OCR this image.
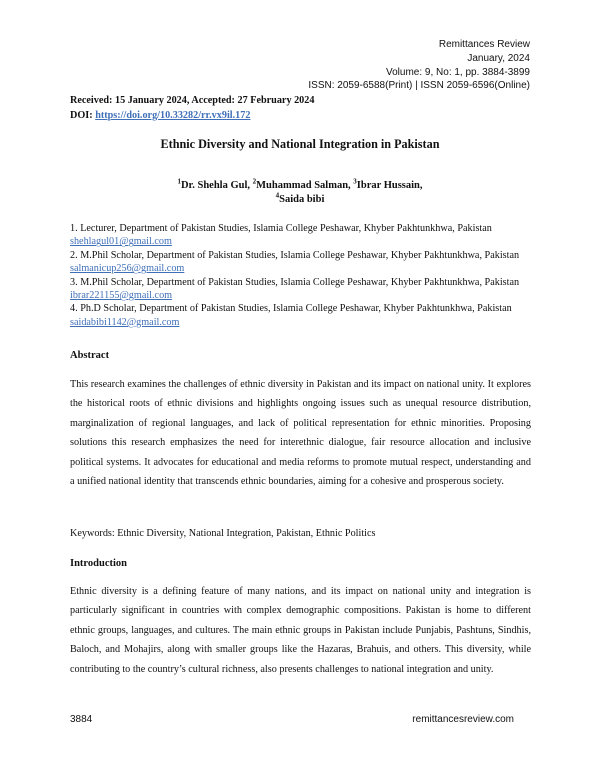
Remittances Review
January, 2024
Volume: 9, No: 1, pp. 3884-3899
ISSN: 2059-6588(Print) | ISSN 2059-6596(Online)
Received: 15 January 2024, Accepted: 27 February 2024
DOI: https://doi.org/10.33282/rr.vx9il.172
Ethnic Diversity and National Integration in Pakistan
$^1$Dr. Shehla Gul, $^2$Muhammad Salman, $^3$Ibrar Hussain,
$^4$Saida bibi

1. Lecturer, Department of Pakistan Studies, Islamia College Peshawar, Khyber Pakhtunkhwa, Pakistan shehlagul01@gmail.com

2. M.Phil Scholar, Department of Pakistan Studies, Islamia College Peshawar, Khyber Pakhtunkhwa, Pakistan salmanicup256@gmail.com

3. M.Phil Scholar, Department of Pakistan Studies, Islamia College Peshawar, Khyber Pakhtunkhwa, Pakistan ibrar221155@gmail.com

4. Ph.D Scholar, Department of Pakistan Studies, Islamia College Peshawar, Khyber Pakhtunkhwa, Pakistan saidabibi1142@gmail.com

Abstract
This research examines the challenges of ethnic diversity in Pakistan and its impact on national unity. It explores the historical roots of ethnic divisions and highlights ongoing issues such as unequal resource distribution, marginalization of regional languages, and lack of political representation for ethnic minorities. Proposing solutions this research emphasizes the need for interethnic dialogue, fair resource allocation and inclusive political systems. It advocates for educational and media reforms to promote mutual respect, understanding and a unified national identity that transcends ethnic boundaries, aiming for a cohesive and prosperous society.
Keywords: Ethnic Diversity, National Integration, Pakistan, Ethnic Politics
Introduction
Ethnic diversity is a defining feature of many nations, and its impact on national unity and integration is particularly significant in countries with complex demographic compositions. Pakistan is home to different ethnic groups, languages, and cultures. The main ethnic groups in Pakistan include Punjabis, Pashtuns, Sindhis, Baloch, and Mohajirs, along with smaller groups like the Hazaras, Brahuis, and others. This diversity, while contributing to the country’s cultural richness, also presents challenges to national integration and unity.
3884	remittancesreview.com
